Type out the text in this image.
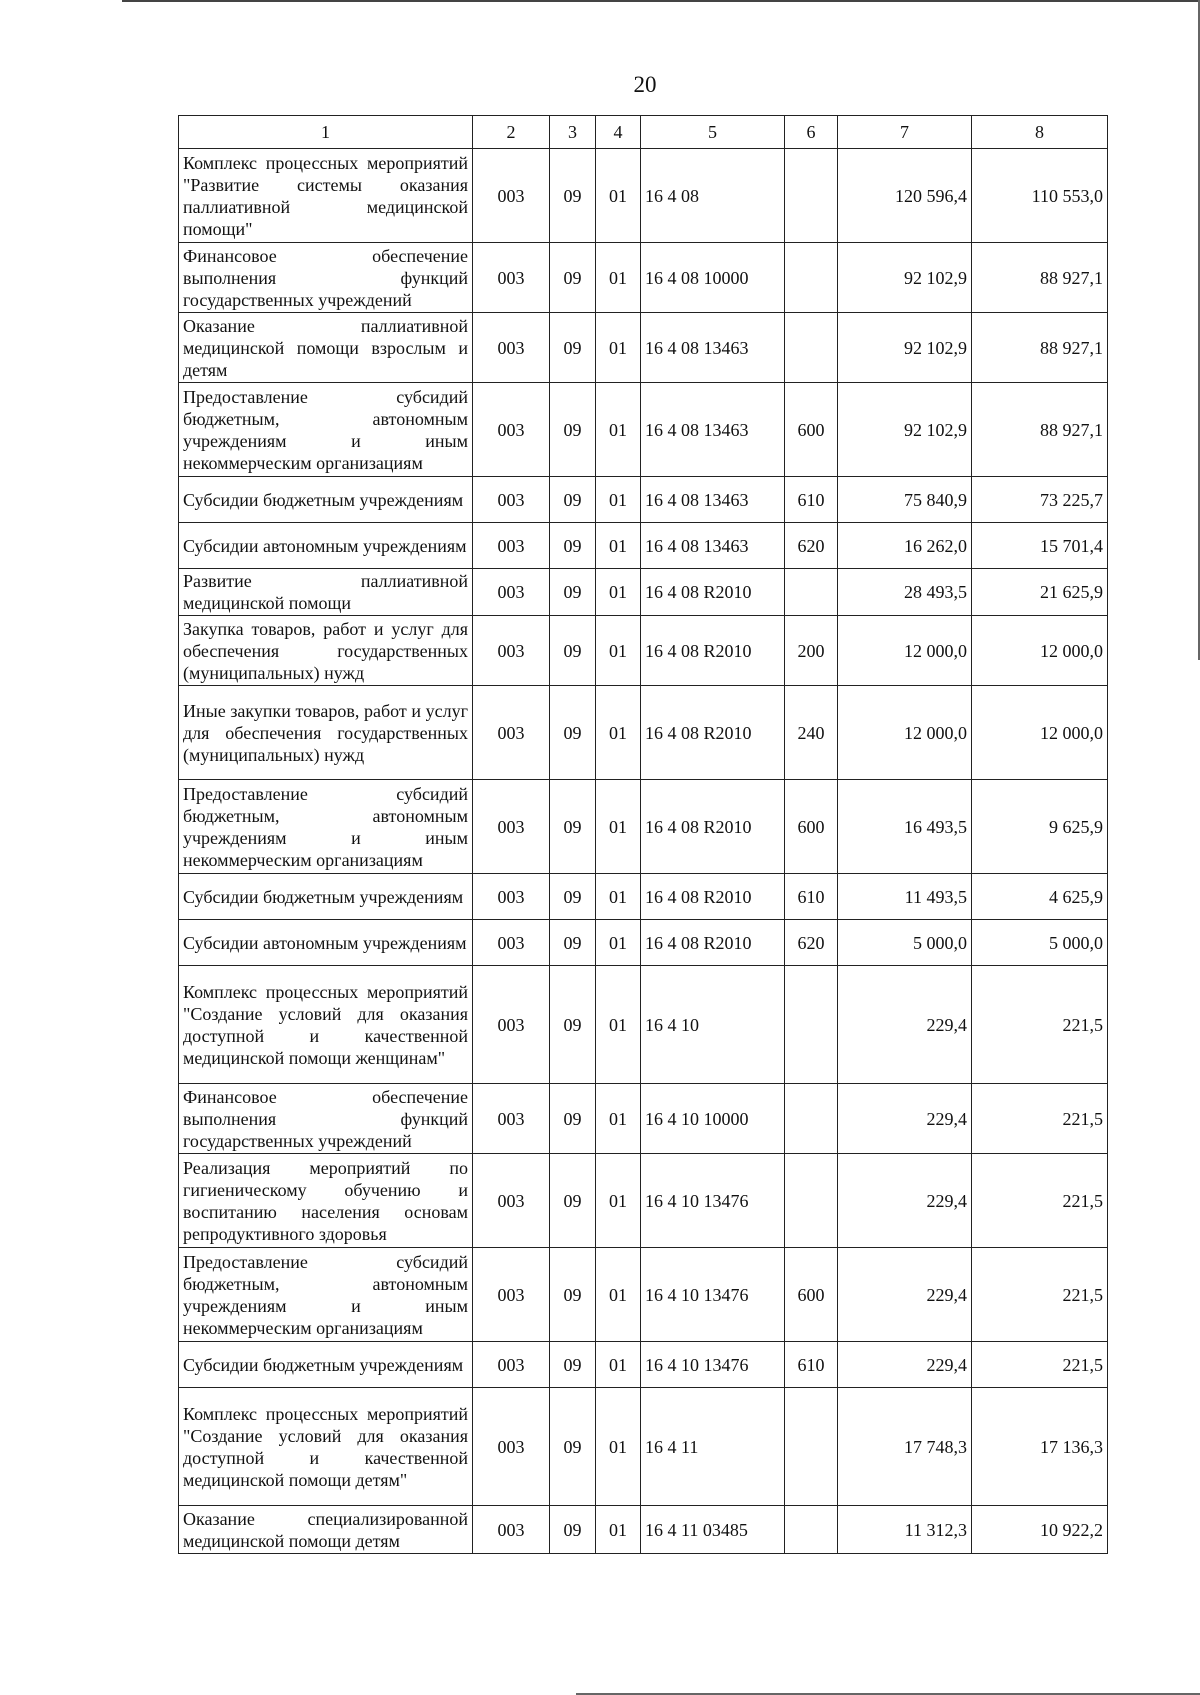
20
1	2	3	4	5	6	7	8
Комплекс процессных мероприятий "Развитие системы оказания паллиативной медицинской помощи"	003	09	01	16 4 08		120 596,4	110 553,0
Финансовое обеспечение выполнения функций государственных учреждений	003	09	01	16 4 08 10000		92 102,9	88 927,1
Оказание паллиативной медицинской помощи взрослым и детям	003	09	01	16 4 08 13463		92 102,9	88 927,1
Предоставление субсидий бюджетным, автономным учреждениям и иным некоммерческим организациям	003	09	01	16 4 08 13463	600	92 102,9	88 927,1
Субсидии бюджетным учреждениям	003	09	01	16 4 08 13463	610	75 840,9	73 225,7
Субсидии автономным учреждениям	003	09	01	16 4 08 13463	620	16 262,0	15 701,4
Развитие паллиативной медицинской помощи	003	09	01	16 4 08 R2010		28 493,5	21 625,9
Закупка товаров, работ и услуг для обеспечения государственных (муниципальных) нужд	003	09	01	16 4 08 R2010	200	12 000,0	12 000,0
Иные закупки товаров, работ и услуг для обеспечения государственных (муниципальных) нужд	003	09	01	16 4 08 R2010	240	12 000,0	12 000,0
Предоставление субсидий бюджетным, автономным учреждениям и иным некоммерческим организациям	003	09	01	16 4 08 R2010	600	16 493,5	9 625,9
Субсидии бюджетным учреждениям	003	09	01	16 4 08 R2010	610	11 493,5	4 625,9
Субсидии автономным учреждениям	003	09	01	16 4 08 R2010	620	5 000,0	5 000,0
Комплекс процессных мероприятий "Создание условий для оказания доступной и качественной медицинской помощи женщинам"	003	09	01	16 4 10		229,4	221,5
Финансовое обеспечение выполнения функций государственных учреждений	003	09	01	16 4 10 10000		229,4	221,5
Реализация мероприятий по гигиеническому обучению и воспитанию населения основам репродуктивного здоровья	003	09	01	16 4 10 13476		229,4	221,5
Предоставление субсидий бюджетным, автономным учреждениям и иным некоммерческим организациям	003	09	01	16 4 10 13476	600	229,4	221,5
Субсидии бюджетным учреждениям	003	09	01	16 4 10 13476	610	229,4	221,5
Комплекс процессных мероприятий "Создание условий для оказания доступной и качественной медицинской помощи детям"	003	09	01	16 4 11		17 748,3	17 136,3
Оказание специализированной медицинской помощи детям	003	09	01	16 4 11 03485		11 312,3	10 922,2
